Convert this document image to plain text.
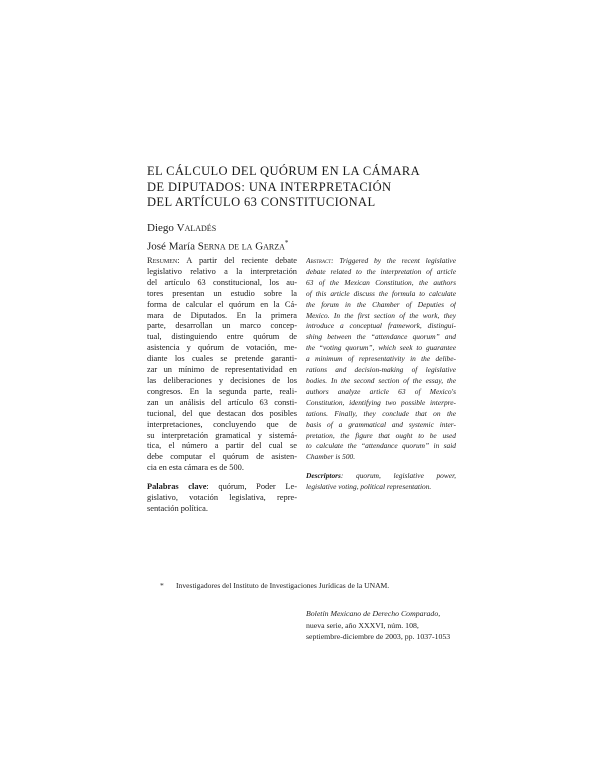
EL CÁLCULO DEL QUÓRUM EN LA CÁMARA
DE DIPUTADOS: UNA INTERPRETACIÓN
DEL ARTÍCULO 63 CONSTITUCIONAL
Diego Valadés
José María Serna de la Garza*
Resumen: A partir del reciente debate
legislativo relativo a la interpretación
del artículo 63 constitucional, los au-
tores presentan un estudio sobre la
forma de calcular el quórum en la Cá-
mara de Diputados. En la primera
parte, desarrollan un marco concep-
tual, distinguiendo entre quórum de
asistencia y quórum de votación, me-
diante los cuales se pretende garanti-
zar un mínimo de representatividad en
las deliberaciones y decisiones de los
congresos. En la segunda parte, reali-
zan un análisis del artículo 63 consti-
tucional, del que destacan dos posibles
interpretaciones, concluyendo que de
su interpretación gramatical y sistemá-
tica, el número a partir del cual se
debe computar el quórum de asisten-
cia en esta cámara es de 500.
Palabras clave: quórum, Poder Le-
gislativo, votación legislativa, repre-
sentación política.
Abstract: Triggered by the recent legislative
debate related to the interpretation of article
63 of the Mexican Constitution, the authors
of this article discuss the formula to calculate
the forum in the Chamber of Deputies of
Mexico. In the first section of the work, they
introduce a conceptual framework, distingui-
shing between the “attendance quorum” and
the “voting quorum”, which seek to guarantee
a minimum of representativity in the delibe-
rations and decision-making of legislative
bodies. In the second section of the essay, the
authors analyze article 63 of Mexico's
Constitution, identifying two possible interpre-
tations. Finally, they conclude that on the
basis of a grammatical and systemic inter-
pretation, the figure that ought to be used
to calculate the “attendance quorum” in said
Chamber is 500.
Descriptors: quorum, legislative power,
legislative voting, political representation.
* Investigadores del Instituto de Investigaciones Jurídicas de la UNAM.
Boletín Mexicano de Derecho Comparado,
nueva serie, año XXXVI, núm. 108,
septiembre-diciembre de 2003, pp. 1037-1053
